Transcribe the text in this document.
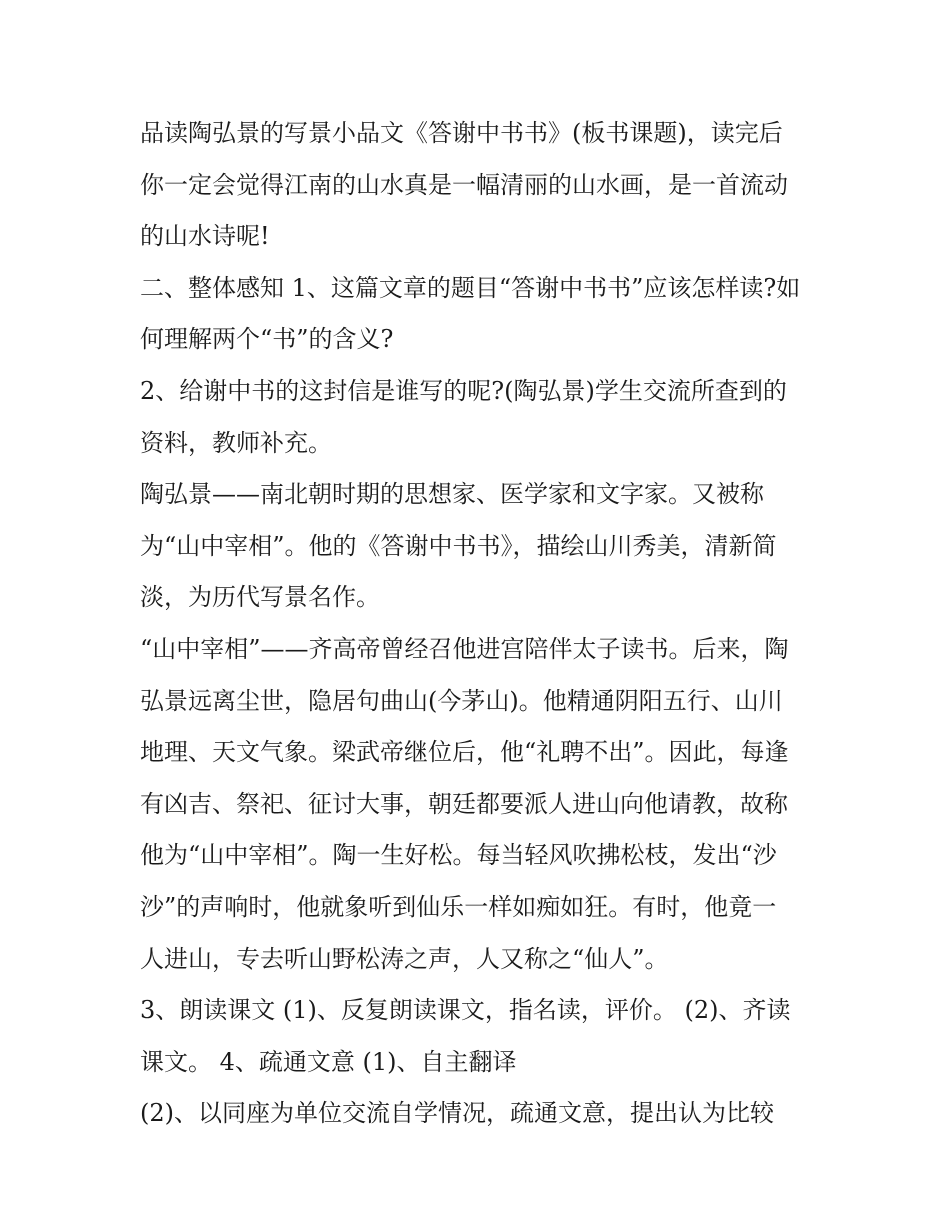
品读陶弘景的写景小品文《答谢中书书》(板书课题)，读完后
你一定会觉得江南的山水真是一幅清丽的山水画，是一首流动
的山水诗呢!
二、整体感知 1、这篇文章的题目“答谢中书书”应该怎样读?如
何理解两个“书”的含义?
2、给谢中书的这封信是谁写的呢?(陶弘景)学生交流所查到的
资料，教师补充。
陶弘景——南北朝时期的思想家、医学家和文字家。又被称
为“山中宰相”。他的《答谢中书书》，描绘山川秀美，清新简
淡，为历代写景名作。
“山中宰相”——齐高帝曾经召他进宫陪伴太子读书。后来，陶
弘景远离尘世，隐居句曲山(今茅山)。他精通阴阳五行、山川
地理、天文气象。梁武帝继位后，他“礼聘不出”。因此，每逢
有凶吉、祭祀、征讨大事，朝廷都要派人进山向他请教，故称
他为“山中宰相”。陶一生好松。每当轻风吹拂松枝，发出“沙
沙”的声响时，他就象听到仙乐一样如痴如狂。有时，他竟一
人进山，专去听山野松涛之声，人又称之“仙人”。
3、朗读课文 (1)、反复朗读课文，指名读，评价。 (2)、齐读
课文。 4、疏通文意 (1)、自主翻译
(2)、以同座为单位交流自学情况，疏通文意，提出认为比较
